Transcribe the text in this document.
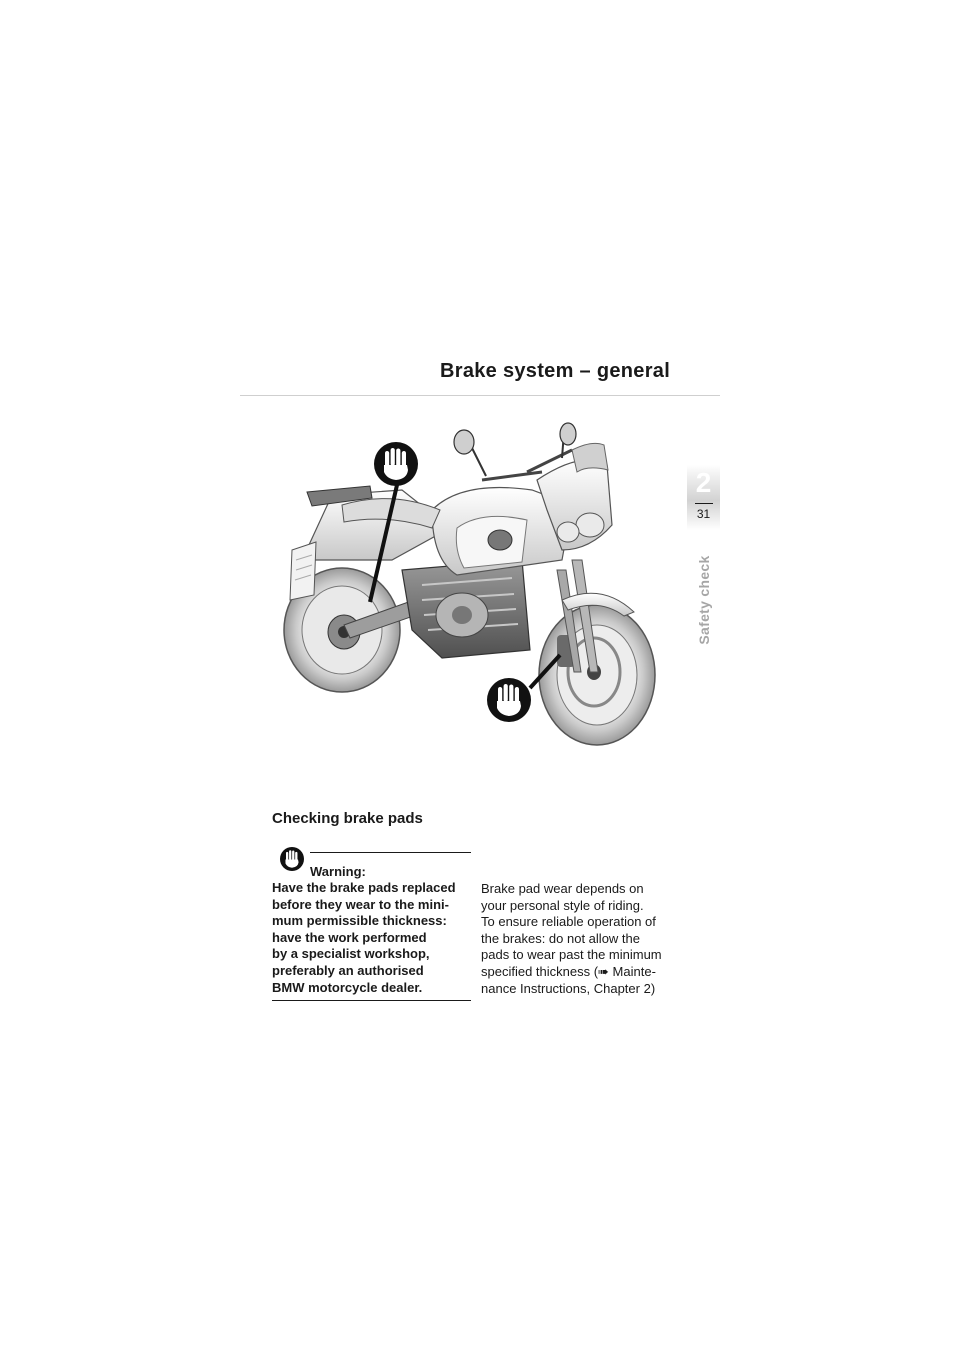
Brake system – general
2
31
Safety check
Checking brake pads
Warning:
Have the brake pads replaced
before they wear to the mini-
mum permissible thickness:
have the work performed
by a specialist workshop,
preferably an authorised
BMW motorcycle dealer.
Brake pad wear depends on
your personal style of riding.
To ensure reliable operation of
the brakes: do not allow the
pads to wear past the minimum
specified thickness (➠ Mainte-
nance Instructions, Chapter 2)
